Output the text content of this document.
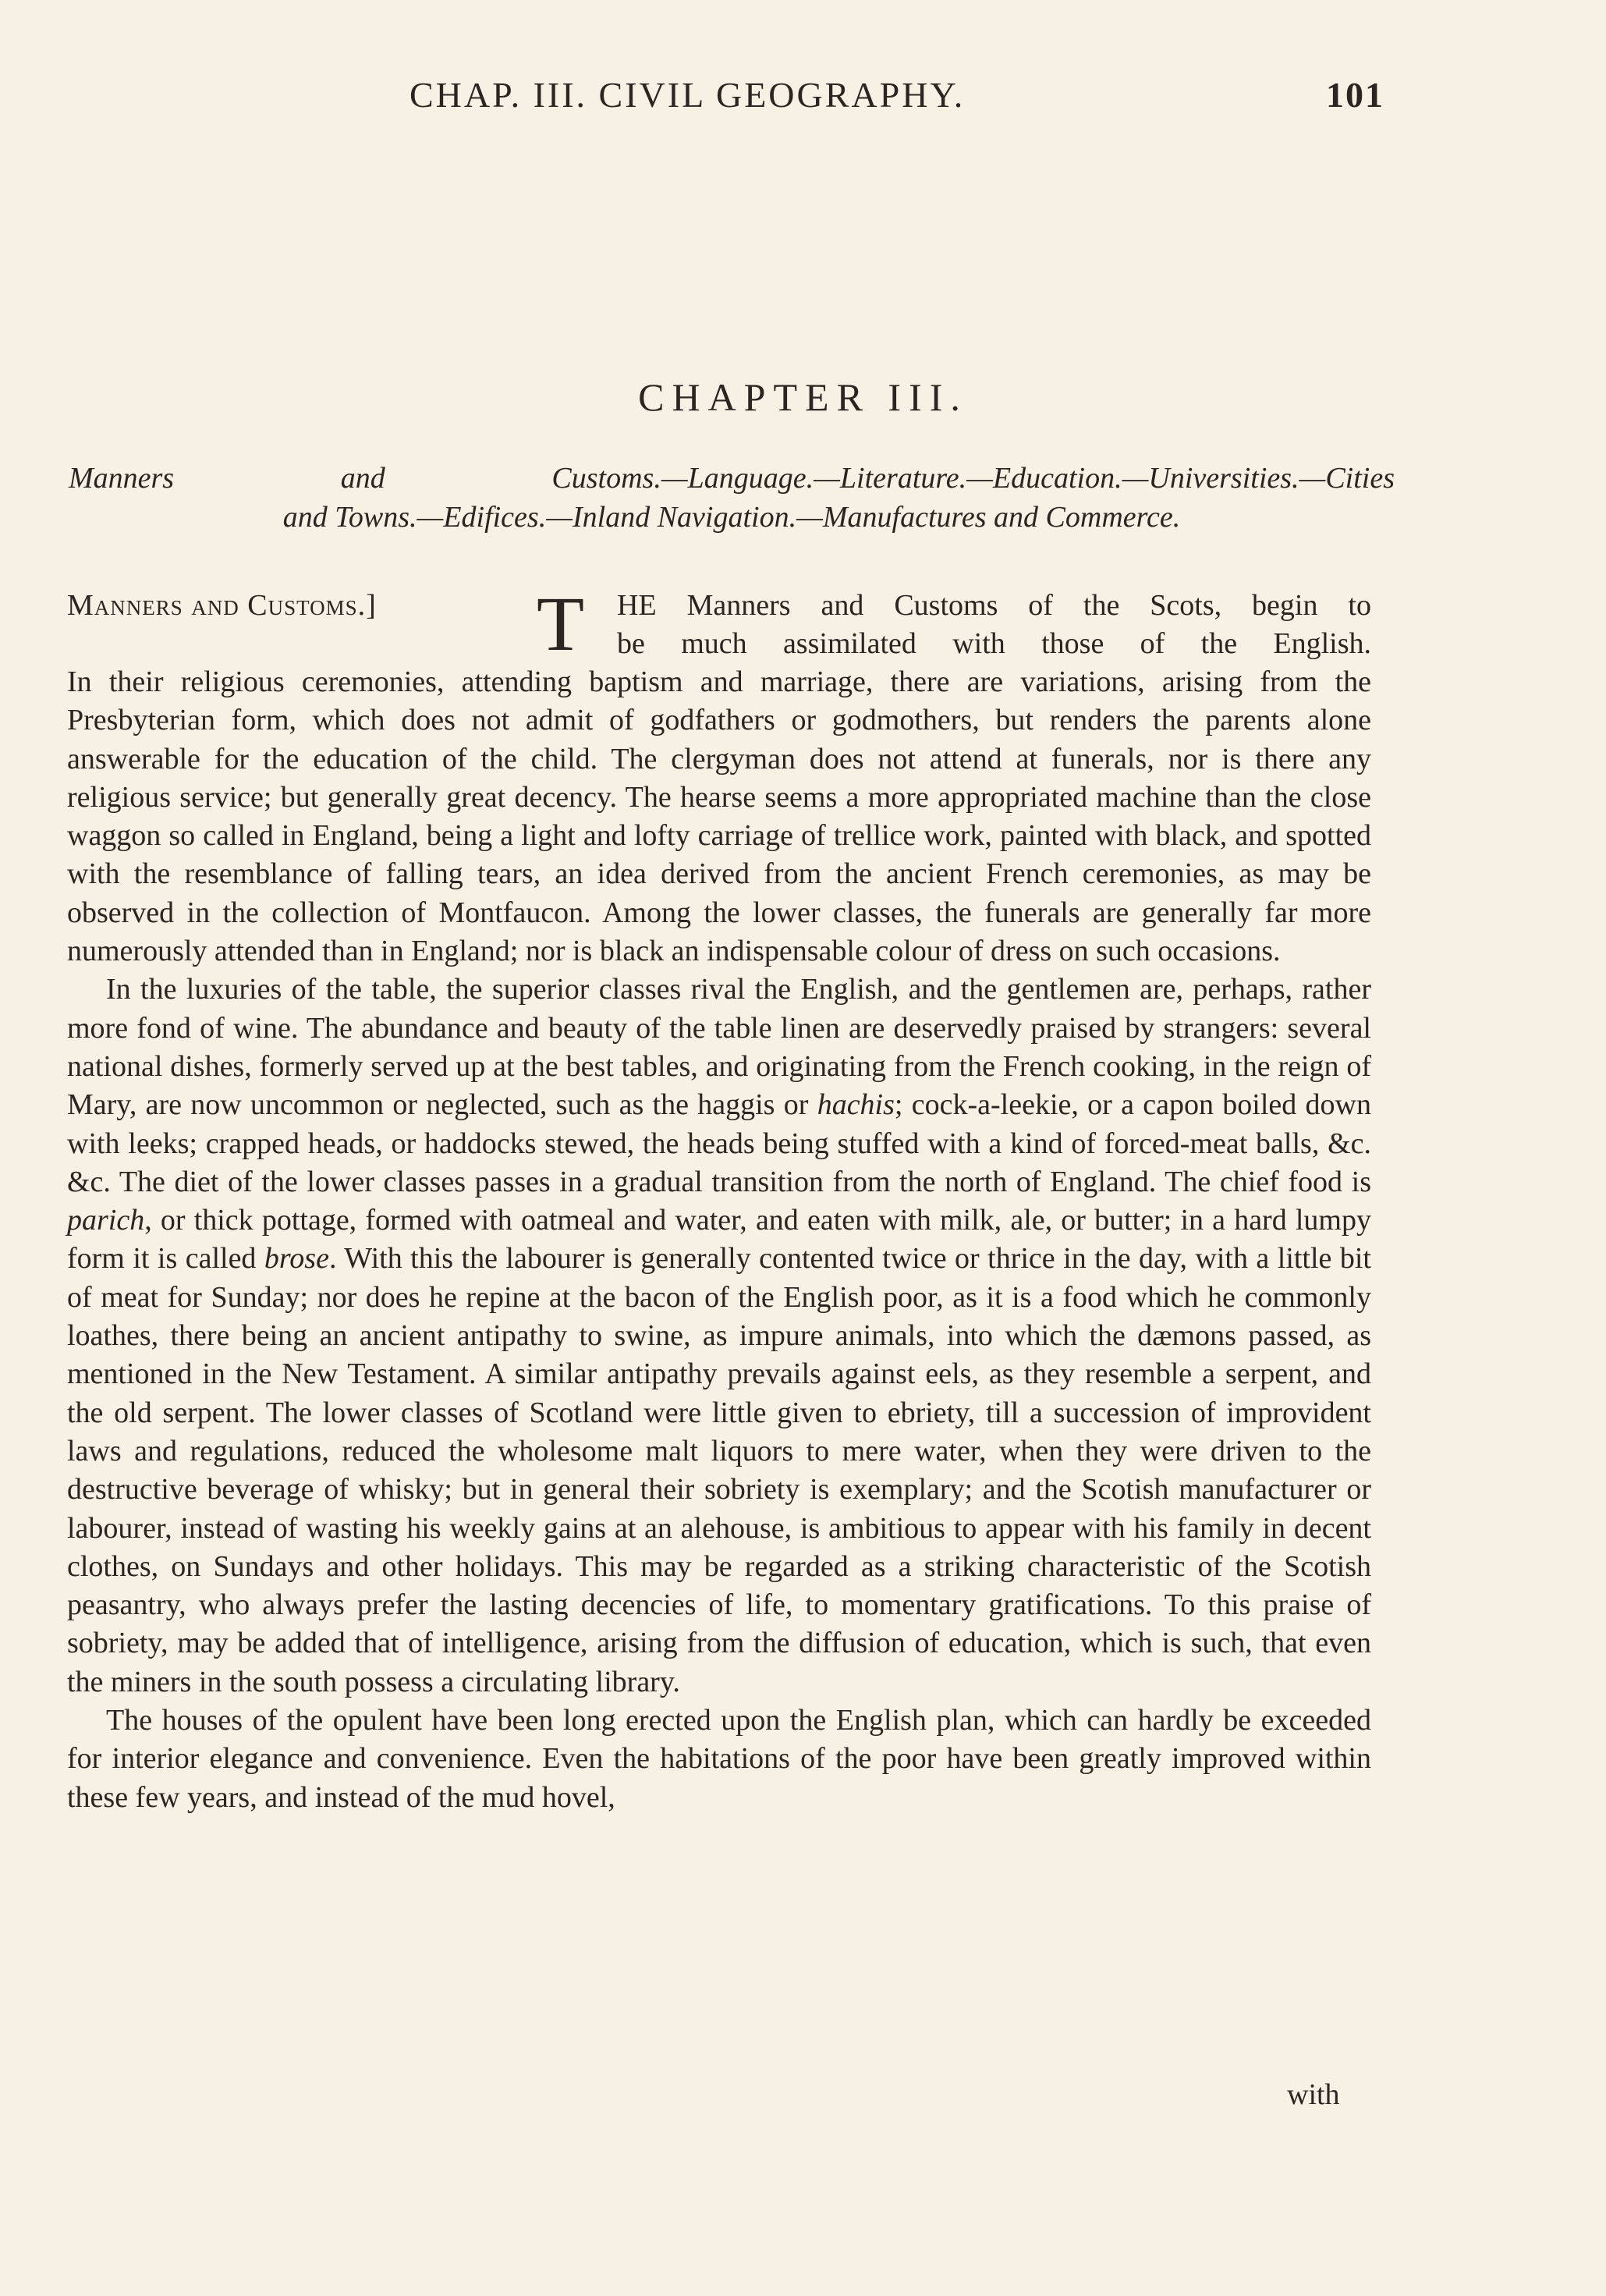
CHAP. III. CIVIL GEOGRAPHY.	101
CHAPTER III.
Manners and Customs.—Language.—Literature.—Education.—Universities.—Cities
and Towns.—Edifices.—Inland Navigation.—Manufactures and Commerce.

Manners and Customs.] T HE Manners and Customs of the Scots, begin to
be much assimilated with those of the English.
In their religious ceremonies, attending baptism and marriage, there are variations, arising from the Presbyterian form, which does not admit of godfathers or godmothers, but renders the parents alone answerable for the education of the child. The clergyman does not attend at funerals, nor is there any religious service; but generally great decency. The hearse seems a more appropriated machine than the close waggon so called in England, being a light and lofty carriage of trellice work, painted with black, and spotted with the resemblance of falling tears, an idea derived from the ancient French ceremonies, as may be observed in the collection of Montfaucon. Among the lower classes, the funerals are generally far more numerously attended than in England; nor is black an indispensable colour of dress on such occasions.

In the luxuries of the table, the superior classes rival the English, and the gentlemen are, perhaps, rather more fond of wine. The abundance and beauty of the table linen are deservedly praised by strangers: several national dishes, formerly served up at the best tables, and originating from the French cooking, in the reign of Mary, are now uncommon or neglected, such as the haggis or hachis; cock-a-leekie, or a capon boiled down with leeks; crapped heads, or haddocks stewed, the heads being stuffed with a kind of forced-meat balls, &c. &c. The diet of the lower classes passes in a gradual transition from the north of England. The chief food is parich, or thick pottage, formed with oatmeal and water, and eaten with milk, ale, or butter; in a hard lumpy form it is called brose. With this the labourer is generally contented twice or thrice in the day, with a little bit of meat for Sunday; nor does he repine at the bacon of the English poor, as it is a food which he commonly loathes, there being an ancient antipathy to swine, as impure animals, into which the dæmons passed, as mentioned in the New Testament. A similar antipathy prevails against eels, as they resemble a serpent, and the old serpent. The lower classes of Scotland were little given to ebriety, till a succession of improvident laws and regulations, reduced the wholesome malt liquors to mere water, when they were driven to the destructive beverage of whisky; but in general their sobriety is exemplary; and the Scotish manufacturer or labourer, instead of wasting his weekly gains at an alehouse, is ambitious to appear with his family in decent clothes, on Sundays and other holidays. This may be regarded as a striking characteristic of the Scotish peasantry, who always prefer the lasting decencies of life, to momentary gratifications. To this praise of sobriety, may be added that of intelligence, arising from the diffusion of education, which is such, that even the miners in the south possess a circulating library.

The houses of the opulent have been long erected upon the English plan, which can hardly be exceeded for interior elegance and convenience. Even the habitations of the poor have been greatly improved within these few years, and instead of the mud hovel,

with
